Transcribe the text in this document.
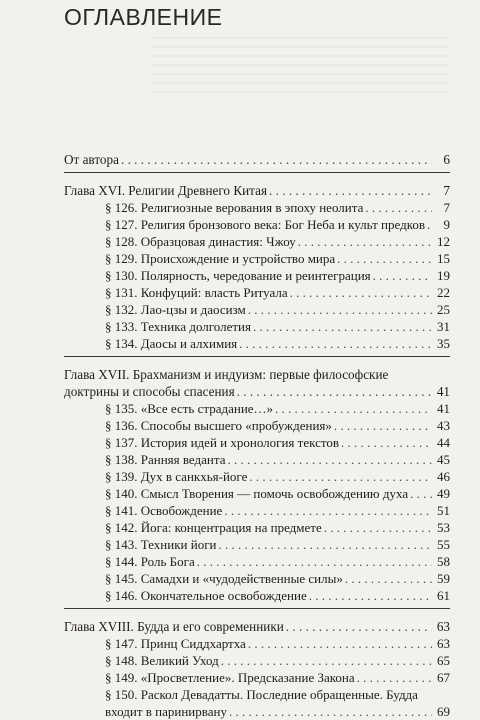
ОГЛАВЛЕНИЕ
От автора . . .	6
Глава XVI. Религии Древнего Китая . . .	7
§ 126. Религиозные верования в эпоху неолита . . .	7
§ 127. Религия бронзового века: Бог Неба и культ предков . . .	9
§ 128. Образцовая династия: Чжоу . . .	12
§ 129. Происхождение и устройство мира . . .	15
§ 130. Полярность, чередование и реинтеграция . . .	19
§ 131. Конфуций: власть Ритуала . . .	22
§ 132. Лао-цзы и даосизм . . .	25
§ 133. Техника долголетия . . .	31
§ 134. Даосы и алхимия . . .	35
Глава XVII. Брахманизм и индуизм: первые философские
доктрины и способы спасения . . .	41
§ 135. «Все есть страдание…» . . .	41
§ 136. Способы высшего «пробуждения» . . .	43
§ 137. История идей и хронология текстов . . .	44
§ 138. Ранняя веданта . . .	45
§ 139. Дух в санкхья-йоге . . .	46
§ 140. Смысл Творения — помочь освобождению духа . . . 49
§ 141. Освобождение . . .	51
§ 142. Йога: концентрация на предмете . . .	53
§ 143. Техники йоги . . .	55
§ 144. Роль Бога . . .	58
§ 145. Самадхи и «чудодейственные силы» . . .	59
§ 146. Окончательное освобождение . . .	61
Глава XVIII. Будда и его современники . . .	63
§ 147. Принц Сиддхартха . . .	63
§ 148. Великий Уход . . .	65
§ 149. «Просветление». Предсказание Закона . . .	67
§ 150. Раскол Девадатты. Последние обращенные. Будда
входит в паринирвану . . .	69
